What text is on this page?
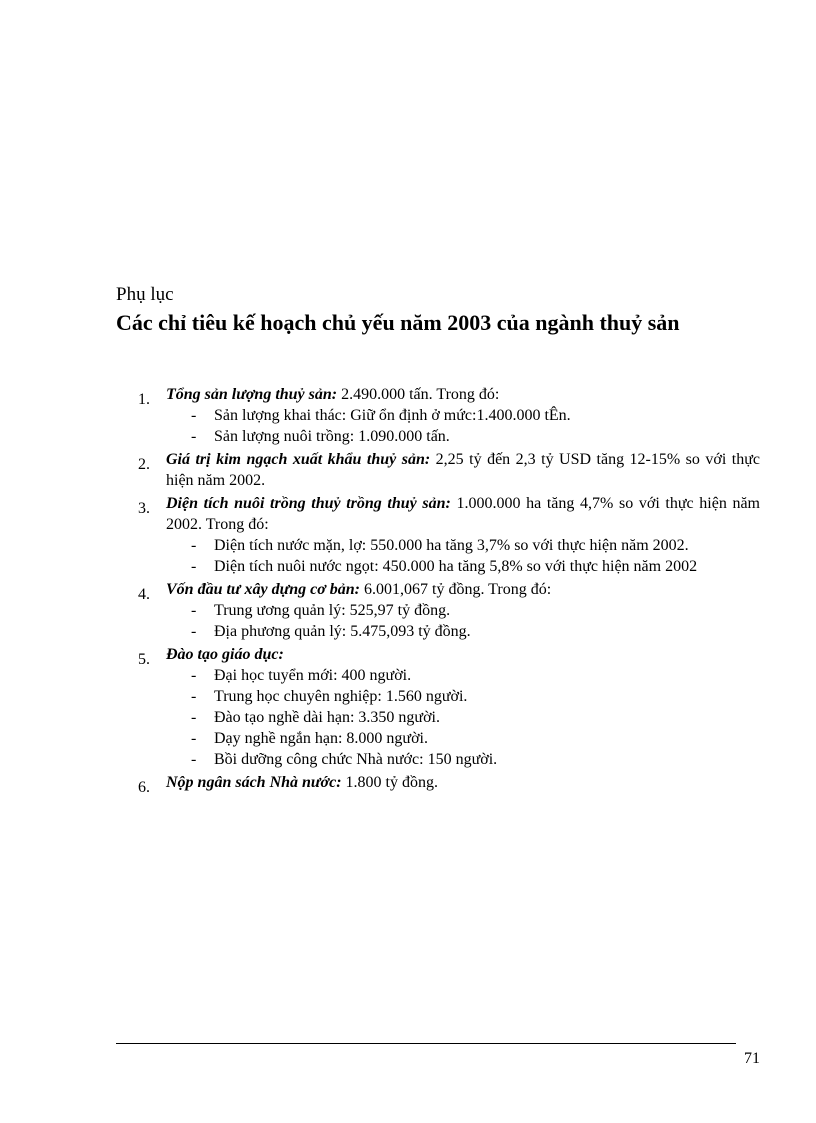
Phụ lục
Các chỉ tiêu kế hoạch chủ yếu năm 2003 của ngành thuỷ sản
1. Tổng sản lượng thuỷ sản: 2.490.000 tấn. Trong đó:
- Sản lượng khai thác: Giữ ổn định ở mức:1.400.000 tÊn.
- Sản lượng nuôi trồng: 1.090.000 tấn.
2. Giá trị kim ngạch xuất khẩu thuỷ sản: 2,25 tỷ đến 2,3 tỷ USD tăng 12-15% so với thực hiện năm 2002.
3. Diện tích nuôi trồng thuỷ trồng thuỷ sản: 1.000.000 ha tăng 4,7% so với thực hiện năm 2002. Trong đó:
- Diện tích nước mặn, lợ: 550.000 ha tăng 3,7% so với thực hiện năm 2002.
- Diện tích nuôi nước ngọt: 450.000 ha tăng 5,8% so với thực hiện năm 2002
4. Vốn đầu tư xây dựng cơ bản: 6.001,067 tỷ đồng. Trong đó:
- Trung ương quản lý: 525,97 tỷ đồng.
- Địa phương quản lý: 5.475,093 tỷ đồng.
5. Đào tạo giáo dục:
- Đại học tuyển mới: 400 người.
- Trung học chuyên nghiệp: 1.560 người.
- Đào tạo nghề dài hạn: 3.350 người.
- Dạy nghề ngắn hạn: 8.000 người.
- Bồi dưỡng công chức Nhà nước: 150 người.
6. Nộp ngân sách Nhà nước: 1.800 tỷ đồng.
71
